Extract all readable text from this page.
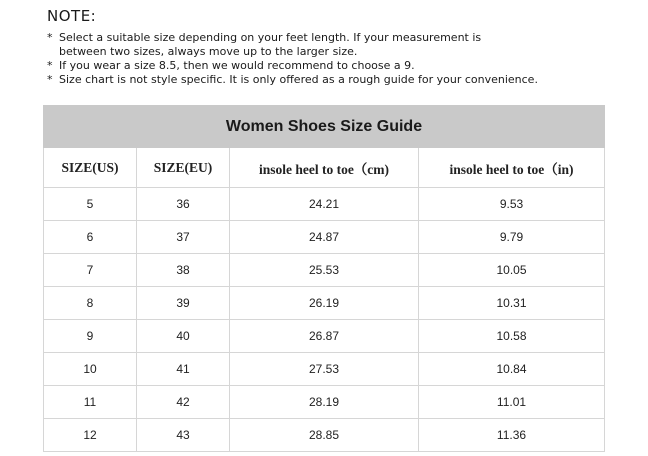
NOTE:
* Select a suitable size depending on your feet length. If your measurement is
between two sizes, always move up to the larger size.
* If you wear a size 8.5, then we would recommend to choose a 9.
* Size chart is not style specific. It is only offered as a rough guide for your convenience.
Women Shoes Size Guide			
SIZE(US)	SIZE(EU)	insole heel to toe（cm)	insole heel to toe（in)
5	36	24.21	9.53
6	37	24.87	9.79
7	38	25.53	10.05
8	39	26.19	10.31
9	40	26.87	10.58
10	41	27.53	10.84
11	42	28.19	11.01
12	43	28.85	11.36
